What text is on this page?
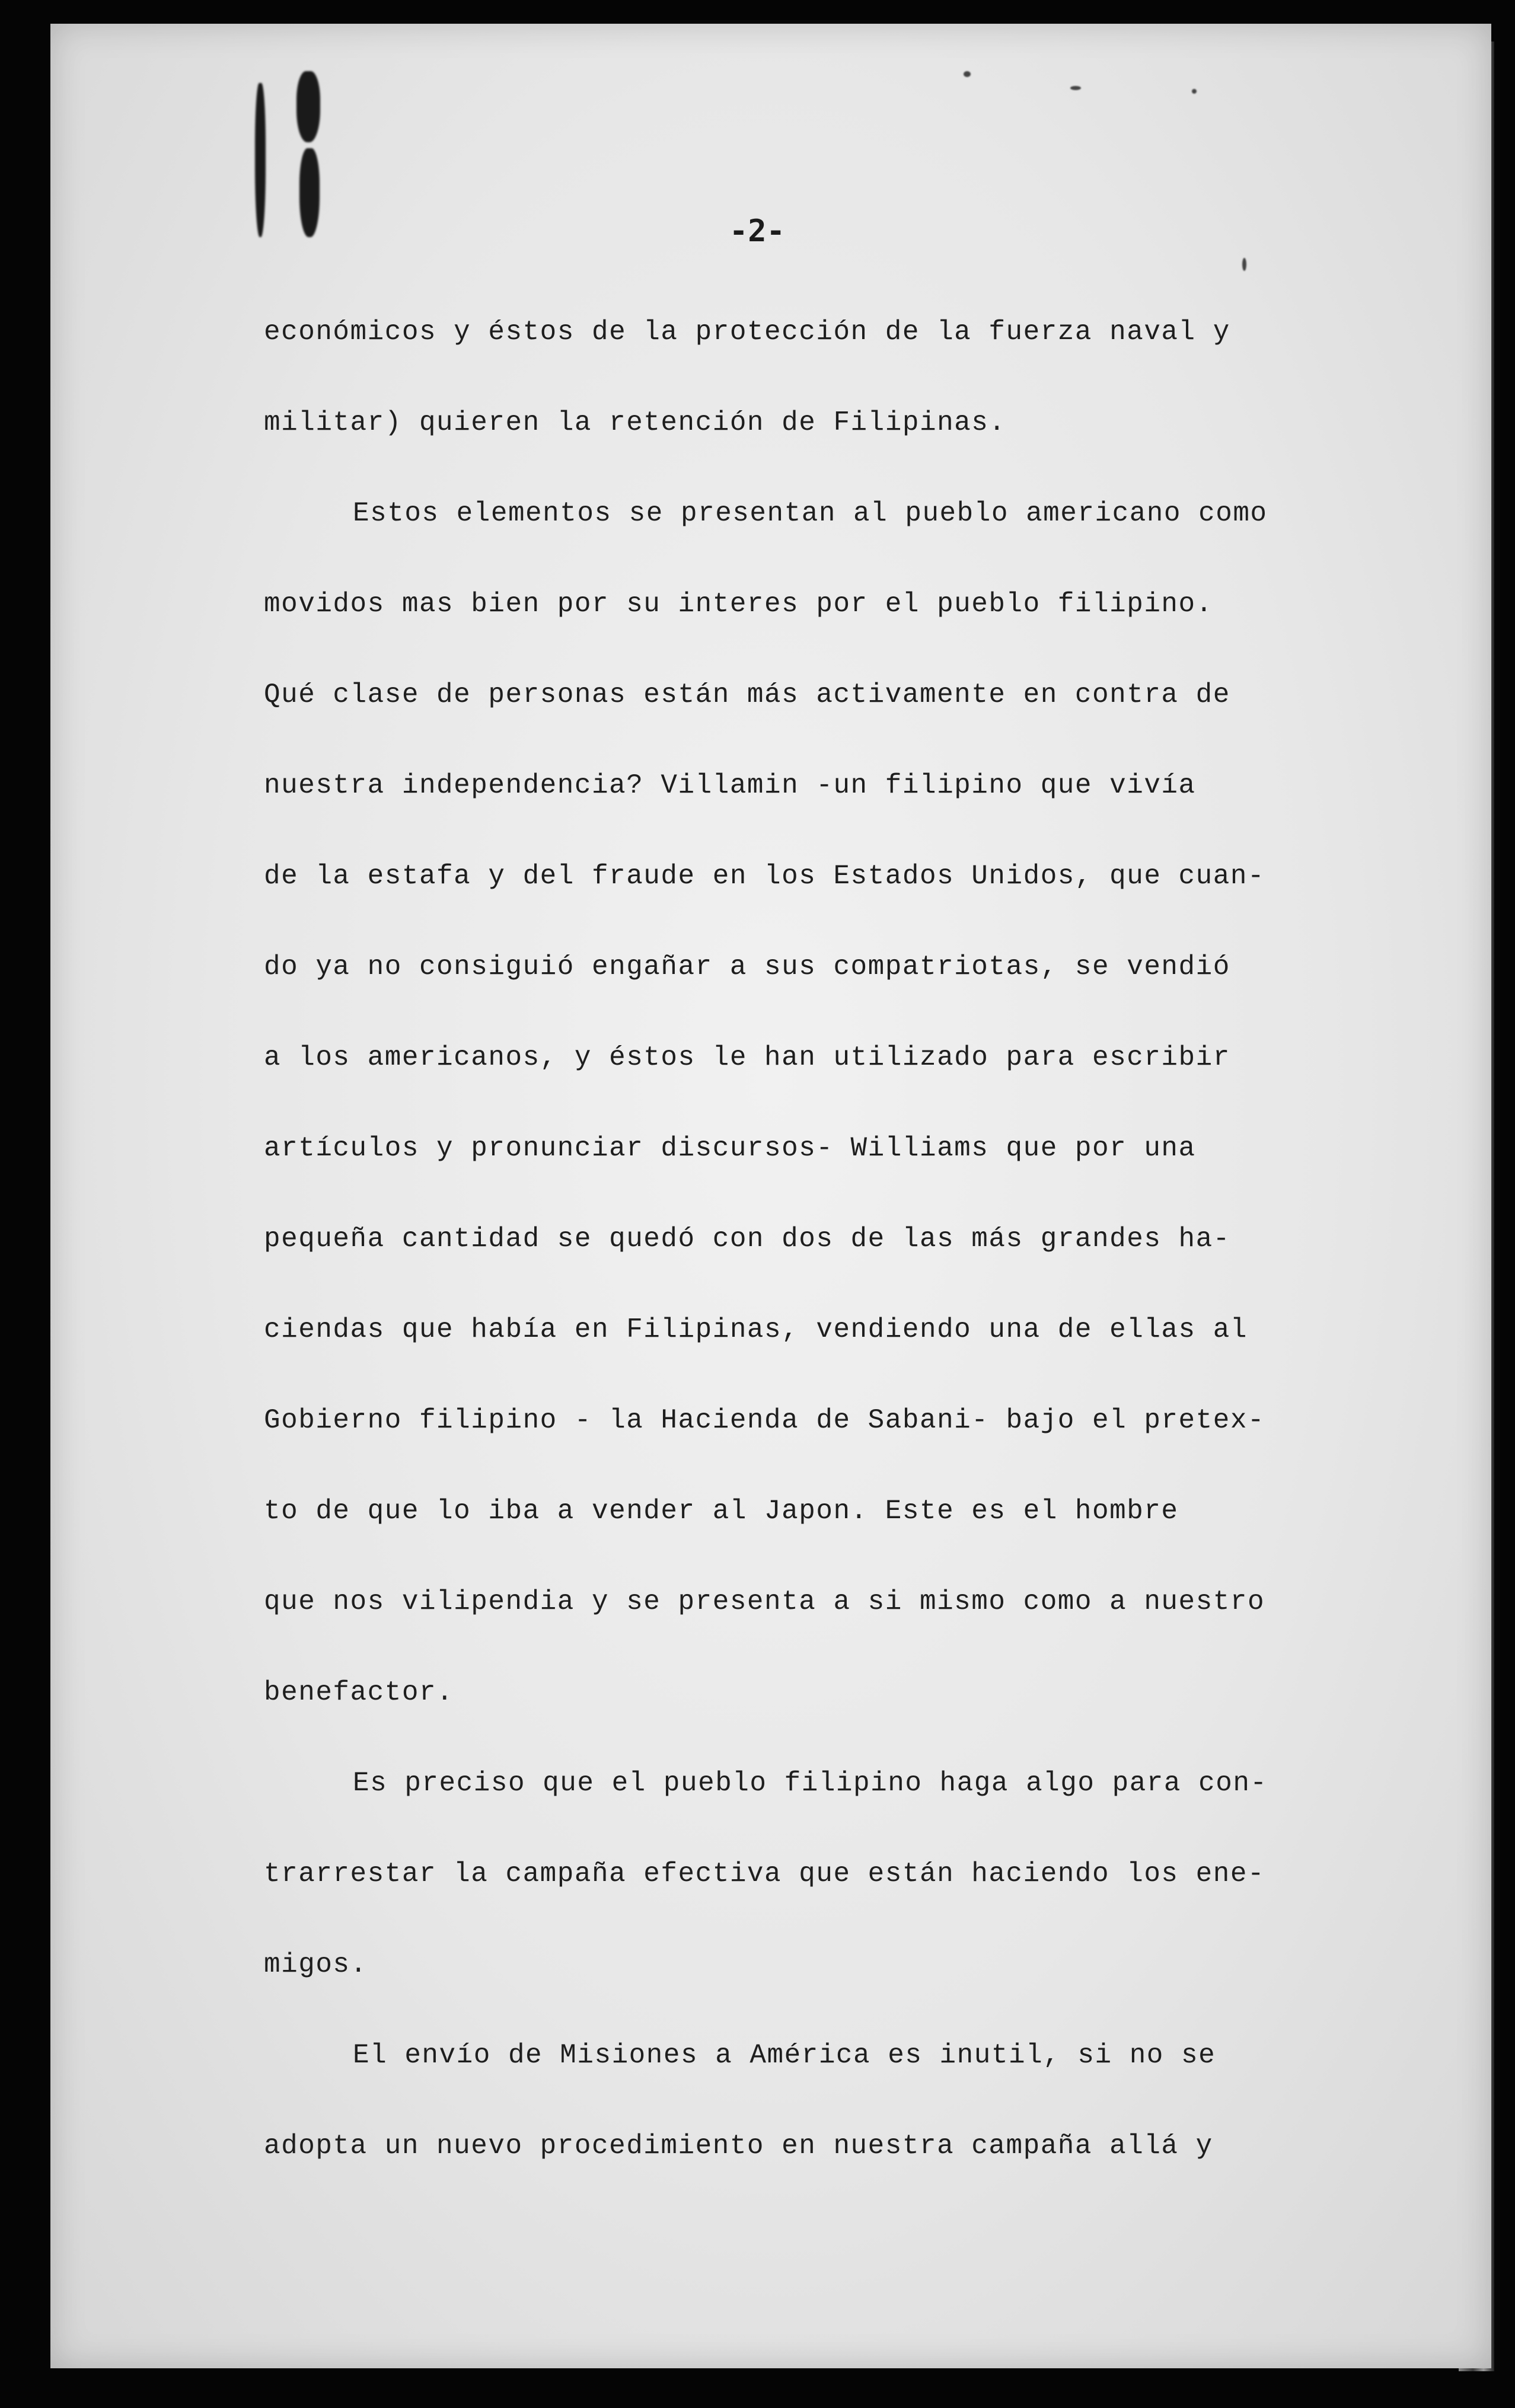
-2-
económicos y éstos de la protección de la fuerza naval y
militar) quieren la retención de Filipinas.
Estos elementos se presentan al pueblo americano como
movidos mas bien por su interes por el pueblo filipino.
Qué clase de personas están más activamente en contra de
nuestra independencia? Villamin -un filipino que vivía
de la estafa y del fraude en los Estados Unidos, que cuan-
do ya no consiguió engañar a sus compatriotas, se vendió
a los americanos, y éstos le han utilizado para escribir
artículos y pronunciar discursos- Williams que por una
pequeña cantidad se quedó con dos de las más grandes ha-
ciendas que había en Filipinas, vendiendo una de ellas al
Gobierno filipino - la Hacienda de Sabani- bajo el pretex-
to de que lo iba a vender al Japon. Este es el hombre
que nos vilipendia y se presenta a si mismo como a nuestro
benefactor.
Es preciso que el pueblo filipino haga algo para con-
trarrestar la campaña efectiva que están haciendo los ene-
migos.
El envío de Misiones a América es inutil, si no se
adopta un nuevo procedimiento en nuestra campaña allá y
